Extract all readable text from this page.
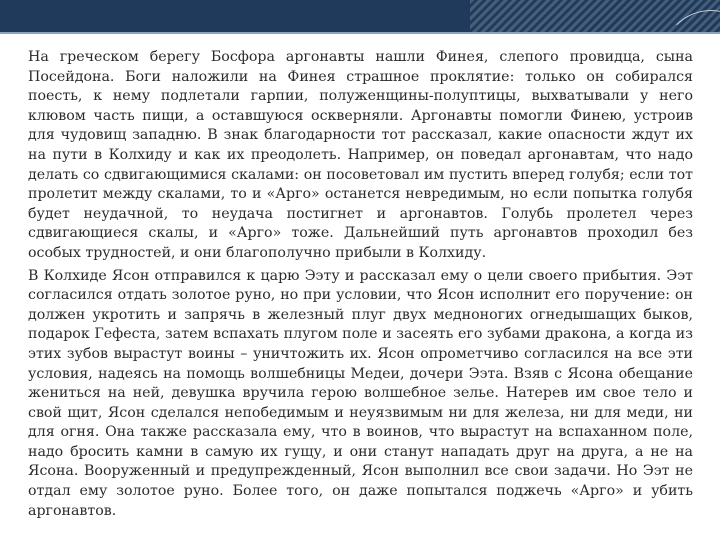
На греческом берегу Босфора аргонавты нашли Финея, слепого провидца, сына Посейдона. Боги наложили на Финея страшное проклятие: только он собирался поесть, к нему подлетали гарпии, полуженщины-полуптицы, выхватывали у него клювом часть пищи, а оставшуюся оскверняли. Аргонавты помогли Финею, устроив для чудовищ западню. В знак благодарности тот рассказал, какие опасности ждут их на пути в Колхиду и как их преодолеть. Например, он поведал аргонавтам, что надо делать со сдвигающимися скалами: он посоветовал им пустить вперед голубя; если тот пролетит между скалами, то и «Арго» останется невредимым, но если попытка голубя будет неудачной, то неудача постигнет и аргонавтов. Голубь пролетел через сдвигающиеся скалы, и «Арго» тоже. Дальнейший путь аргонавтов проходил без особых трудностей, и они благополучно прибыли в Колхиду.

В Колхиде Ясон отправился к царю Ээту и рассказал ему о цели своего прибытия. Ээт согласился отдать золотое руно, но при условии, что Ясон исполнит его поручение: он должен укротить и запрячь в железный плуг двух медноногих огнедышащих быков, подарок Гефеста, затем вспахать плугом поле и засеять его зубами дракона, а когда из этих зубов вырастут воины – уничтожить их. Ясон опрометчиво согласился на все эти условия, надеясь на помощь волшебницы Медеи, дочери Ээта. Взяв с Ясона обещание жениться на ней, девушка вручила герою волшебное зелье. Натерев им свое тело и свой щит, Ясон сделался непобедимым и неуязвимым ни для железа, ни для меди, ни для огня. Она также рассказала ему, что в воинов, что вырастут на вспаханном поле, надо бросить камни в самую их гущу, и они станут нападать друг на друга, а не на Ясона. Вооруженный и предупрежденный, Ясон выполнил все свои задачи. Но Ээт не отдал ему золотое руно. Более того, он даже попытался поджечь «Арго» и убить аргонавтов.
